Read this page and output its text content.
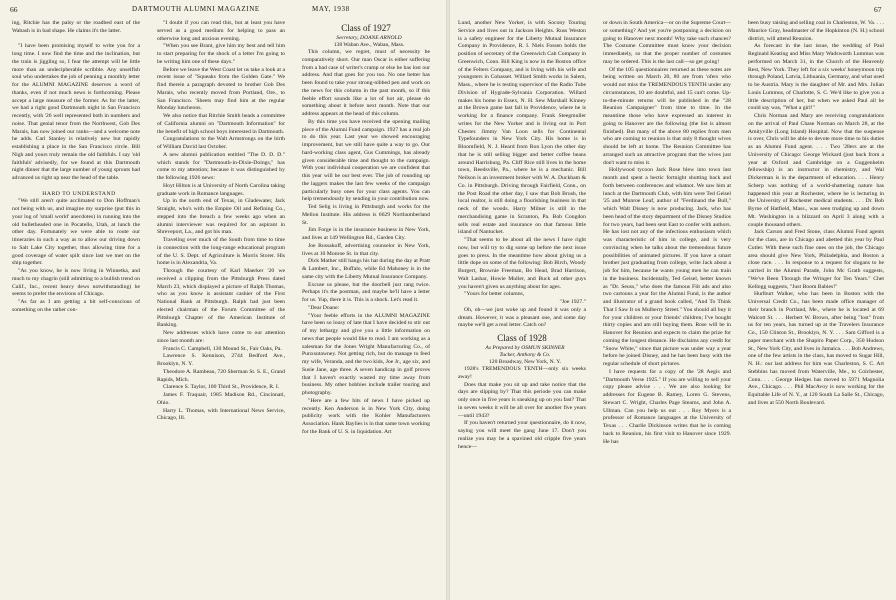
66	DARTMOUTH ALUMNI MAGAZINE	MAY, 1938

ing, Ritchie has the palsy or the roadbed east of the Wabash is in bad shape. He claims it's the latter.

"I have been promising myself to write you for a long time. I now find the time and the inclination, but the train is jiggling so, I fear the attempt will be little more than an undecipherable scribble. Any unselfish soul who undertakes the job of penning a monthly letter for the ALUMNI MAGAZINE deserves a word of thanks, even if not much news is forthcoming. Please accept a large measure of the former. As for the latter, we had a right good Dartmouth night in San Francisco recently, with '26 well represented both in numbers and noise. That genial tenor from the Northwest, Gob Des Marais, has now joined our ranks—and a welcome note he adds. Carl Stanley is relatively new but rapidly establishing a place in the San Francisco circle. Bill Nigh and yours truly remain the old faithfuls. I say 'old faithfuls' advisedly, for we found at this Dartmouth night dinner that the large number of young sprouts had advanced us right up near the head of the table.

HARD TO UNDERSTAND

"We still aren't quite acclimated to Don Hoffman's not being with us, and imagine my surprise (put this in your log of 'small world' anecdotes) in running into the old bulletheaded one in Pocatello, Utah, at lunch the other day. Fortunately we were able to route our itineraries in such a way as to allow our driving down to Salt Lake City together, thus allowing time for a good coverage of water spilt since last we met on the ship together.

"As you know, he is now living in Winnetka, and much to my chagrin (still admitting to a bullish trend on Calif., Inc., recent heavy dews notwithstanding) he seems to prefer the environs of Chicago.

"As far as I am getting a bit self-conscious of something on the rather con-

"I doubt if you can read this, but at least you have served as a good medium for helping to pass an otherwise long and anxious evening.

"When you see Brant, give him my best and tell him to start preparing for the shock of a letter I'm going to be writing him one of these days."

Before we leave the West Coast let us take a look at a recent issue of "Squeaks from the Golden Gate." We find therein a paragraph devoted to brother Gob Des Marais, who recently moved from Portland, Ore., to San Francisco. 'Sheets may find him at the regular Monday luncheons.

We also notice that Ritchie Smith heads a committee of California alumni on "Dartmouth Information" for the benefit of high school boys interested in Dartmouth.

Congratulations to the Walt Armstrongs on the birth of William David last October.

A new alumni publication entitled "The D. D. D." which stands for "Dartmouth-in-Dixie-Doings," has come to my attention; because it was distinguished by the following 1926 news:

Hoyt Hilton is at University of North Carolina taking graduate work in Romance languages.

Up in the north end of Texas, in Gladewater, Jack Straight, who's with the Empire Oil and Refining Co., stepped into the breach a few weeks ago when an alumni interviewer was required for an aspirant in Shreveport, La., and got his man.

Traveling over much of the South from time to time in connection with the long-range educational program of the U. S. Dept. of Agriculture is Morris Storer. His home is in Alexandria, Va.

Through the courtesy of Karl Maerker '20 we received a clipping from the Pittsburgh Press dated March 23, which displayed a picture of Ralph Thomas, who as you know is assistant cashier of the First National Bank at Pittsburgh. Ralph had just been elected chairman of the Forum Committee of the Pittsburgh Chapter of the American Institute of Banking.

New addresses which have come to our attention since last month are:

Francis C. Campbell, 130 Mound St., Fair Oaks, Pa.

Lawrence S. Kennison, 2744 Bedford Ave., Brooklyn, N. Y.

Theodore A. Rambeau, 720 Sherman St. S. E., Grand Rapids, Mich.

Clarence S. Taylor, 100 Third St., Providence, R. I.

James F. Traquair, 1985 Madison Rd., Cincinnati, Ohio.

Harry L. Thomas, with International News Service, Chicago, Ill.

Class of 1927

Secretary, DOANE ARNOLD

138 Waban Ave., Waban, Mass.

This column, we regret, must of necessity be comparatively short. Our man Oscar is either suffering from a bad case of writer's cramp or else he has lost our address. And that goes for you too. No one better has been found to take your strong-nibbed pen and work on the news for this column in the past month, so if this feeble effort sounds like a lot of hot air, please do something about it before next month. Note that our address appears at the head of this column.

By this time you have received the opening mailing piece of the Alumni Fund campaign. 1927 has a real job to do this year. Last year we showed encouraging improvement, but we still have quite a way to go. Our hard-working class agent, Gus Cummings, has already given considerable time and thought to the campaign. With your individual cooperation we are confident that this year will be our best ever. The job of rounding up the laggers makes the last few weeks of the campaign particularly busy ones for your class agents. You can help tremendously by sending in your contribution now.

Ted Selig is living in Pittsburgh and works for the Mellon Institute. His address is 6629 Northumberland St.

Jim Forge is in the insurance business in New York, and lives at 149 Wellington Rd., Garden City.

Joe Russakoff, advertising counselor in New York, lives at 10 Monroe St. in that city.

Dick Mather still hangs his hat during the day at Pratt & Lambert, Inc., Buffalo, while Ed Mahoney is in the same city with the Liberty Mutual Insurance Company.

Excuse us please, but the doorbell just rang twice. Perhaps it's the postman, and maybe he'll have a letter for us. Yup, there it is. This is a shock. Let's read it.

"Dear Doane:

"Your feeble efforts in the ALUMNI MAGAZINE have been so lousy of late that I have decided to stir out of my lethargy and give you a little information on news that people would like to read. I am working as a salesman for the Jones Wright Manufacturing Co., of Punxsutawney. Not getting rich, but do manage to feed my wife, Veranda, and the two kids, Joe Jr., age six, and Susie Jane, age three. A seven handicap in golf proves that I haven't exactly wasted my time away from business. My other hobbies include trailer touring and photography.

"Here are a few bits of news I have picked up recently. Ken Anderson is in New York City, doing publicity work with the Kohler Manufacturers Association. Hank Baylies is in that same town working for the Bank of U. S. in liquidation. Art

67

Lund, another New Yorker, is with Socony Touring Service and lives out in Jackson Heights. Russ Weston is a safety engineer for the Liberty Mutual Insurance Company in Providence, R. I. Niels Fossen holds the position of secretary of the Greenwich Cab Company in Greenwich, Conn. Bill King is now in the Boston office of the Felters Company, and is living with his wife and youngsters in Cohasset. Willard Smith works in Salem, Mass., where he is testing supervisor of the Radio Tube Division of Hygrade-Sylvania Corporation. Willard makes his home in Essex, N. H. Sew Marshall Kinney at the Brown game last fall in Providence, where he is working for a finance company. Frank Steegmuller writes for the New Yorker and is living out in Port Chester. Jimmy Van Loon sells for Continental Typefounders in New York City. His home is in Bloomfield, N. J. Heard from Ron Lyon the other day that he is still selling bigger and better coffee beans around Harrisburg, Pa. Cliff Rice still lives in the home town, Reedsville, Pa., where he is a mechanic. Bill Neilson is an investment broker with W. A. Duckham & Co. in Pittsburgh. Driving through Fairfield, Conn., on the Post Road the other day, I saw that Bob Brush, the local realtor, is still doing a flourishing business in that neck of the woods. Harry Milner is still in the merchandising game in Scranton, Pa. Bob Congdon sells real estate and insurance on that famous little island of Nantucket.

"That seems to be about all the news I have right now, but will try to dig some up before the next issue goes to press. In the meantime how about giving us a little dope on some of the following: Bob Birch, Woody Burgert, Brownie Freeman, Bo Head, Brad Harrison, Walt Lashar, Howie Muller, and Buck ad other guys you haven't given us anything about for ages.

"Yours for better columns,

"Joe 1927."

Oh, oh—we just woke up and found it was only a dream. However, it was a pleasant one, and some day maybe we'll get a real letter. Catch on?

Class of 1928

As Prepared by OSMUN SKINNER

Tucker, Anthony & Co.

120 Broadway, New York, N. Y.

1928's TREMENDOUS TENTH—only six weeks away!

Does that make you sit up and take notice that the days are slipping by? That this periode you can make only once in five years is sneaking up on you fast? That in seven weeks it will be all over for another five years—until 1943?

If you haven't returned your questionnaire, do it now, saying you will meet the gang June 17. Don't you realize you may be a spavined old cripple five years hence—

or down in South America—or on the Supreme Court—or something? And yet you're postponing a decision on going to Hanover next month! Why take such chances? The Costume Committee must know your decision immediately, so that the proper number of costumes may be ordered. This is the last call—so get going!

Of the 105 questionnaires returned as these notes are being written on March 20, 80 are from 'ofers who would not miss the TREMENDOUS TENTH under any circumstances, 10 are doubtful, and 15 can't come. Up-to-the-minute returns will be published in the "28 Reunion Campaigner" from time to time. In the meantime those who have expressed an interest in going to Hanover are the following (the list is almost finished). But many of the above 80 replies from men who are coming to reunion is that only 8 thought wives should be left at home. The Reunion Committee has arranged such an attractive program that the wives just don't want to miss it.

Hollywood tycoon Jack Rose blew into town last month and spent a hectic fortnight shutting back and forth between conferences and whatnot. We saw him at lunch at the Dartmouth Club, with him were Ted Geisel '25 and Munroe Leaf, author of "Ferdinand the Bull," which Walt Disney is now producing. Jack, who has been head of the story department of the Disney Studios for two years, had been sent East to confer with authors. He has lost not any of the infectious enthusiasm which was characteristic of him in college, and is very convincing when he talks about the tremendous future possibilities of animated pictures. If you have a smart brother just graduating from college, write Jack about a job for him, because he wants young men he can train in the business. Incidentally, Ted Geisel, better known as "Dr. Seuss," who does the famous Flit ads and also two cartoons a year for the Alumni Fund, is the author and illustrator of a grand book called, "And To Think That I Saw It on Mulberry Street." You should all buy it for your children or your friends' children; I've bought thirty copies and am still buying them. Rose will be in Hanover for Reunion and expects to claim the prize for coming the longest distance. He disclaims any credit for "Snow White," since that picture was under way a year before he joined Disney, and he has been busy with the regular schedule of short pictures.

I have requests for a copy of the '28 Aegis and "Dartmouth Verse 1925." If you are willing to sell your copy please advise . . . We are also looking for addresses for Eugene B. Ramey, Loren G. Stevens, Stewart C. Wright, Charles Page Stearns, and John A. Ullman. Can you help us out . . . Roy Myers is a professor of Romance languages at the University of Texas . . . Charlie Dickinson writes that he is coming back to Reunion, his first visit to Hanover since 1929. He has

been busy raising and selling coal in Charleston, W. Va. . . . Maurice Gray, headmaster of the Hopkinton (N. H.) school district, will attend Reunion.

As forecast in the last issue, the wedding of Paul Reginald Keating and Miss Mary Wadsworth Lummus was performed on March 31, in the Church of the Heavenly Rest, New York. They left for a six weeks' honeymoon trip through Poland, Latvia, Lithuania, Germany, and what used to be Austria. Mary is the daughter of Mr. and Mrs. Julian Louis Lummus, of Charlotte, S. C. We'd like to give you a little description of her, but when we asked Paul all he could say was, "What a girl!"

Chris Norman and Mary are receiving congratulations on the arrival of Paul Chase Norman on March 28, at the Amityville (Long Island) Hospital. Now that the suspense is over, Chris will be able to devote more time to his duties as an Alumni Fund agent. . . . Two '28ers are at the University of Chicago: George Wickard (just back from a year at Oxford and Cambridge on a Guggenheim fellowship) is an instructor in chemistry, and Wal Dickerman is in the department of education. . . . Henry Scherp was nothing of a world-shattering nature has happened this year at Rochester, where he is lecturing in the University of Rochester medical students. . . . Dr. Bob Byrne of Hatfield, Mass., was seen trudging up and down Mt. Washington in a blizzard on April 3 along with a couple thousand others.

Jack Carson and Fred Stone, class Alumni Fund agents for the class, are in Chicago and abetted this year by Paul Cutler. With these such fine ones on the job, the Chicago area should give New York, Philadelphia, and Boston a close race. . . . In response to a request for slogans to be carried in the Alumni Parade, John Mc Grath suggests, "We've Been Through the Wringer for Ten Years." Chet Kellogg suggests, "Just Boom Babies!"

Hurlburt Walker, who has been in Boston with the Universal Credit Co., has been made office manager of their branch in Portland, Me., where he is located at 69 Walcott St. . . . Herbert W. Brown, after being "lost" from us for ten years, has turned up at the Travelers Insurance Co., 150 Clinton St., Brooklyn, N. Y. . . . Sam Gifford is a paper merchant with the Shapiro Paper Corp., 350 Hudson St., New York City, and lives in Jamaica. . . . Bob Andrews, one of the few artists in the class, has moved to Sugar Hill, N. H.: our last address for him was Charleston, S. C. Art Stebbins has moved from Waterville, Me., to Colchester, Conn. . . . George Hedges has moved to 5971 Magnolia Ave., Chicago. . . . Phil MacAvoy is now working for the Equitable Life of N. Y., at 120 South La Salle St., Chicago, and lives at 550 North Boulevard.
